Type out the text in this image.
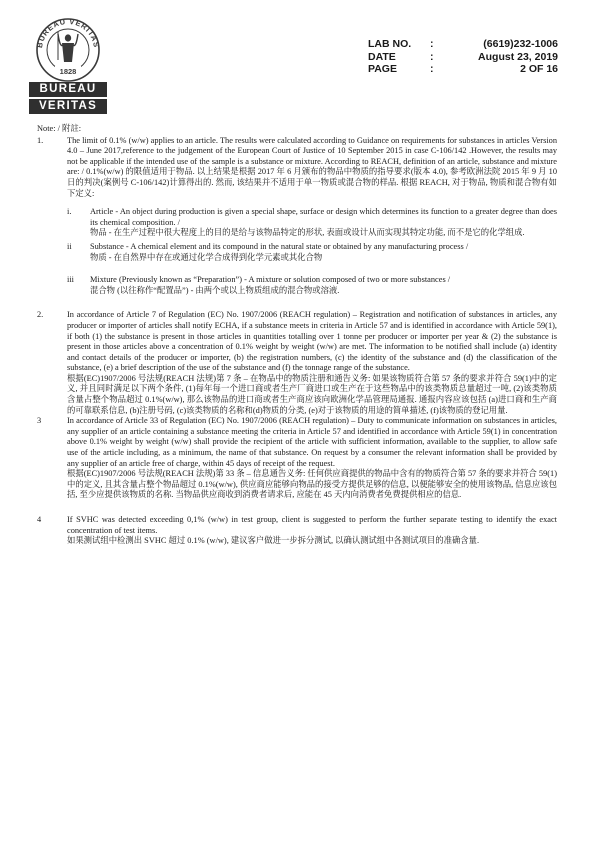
BUREAU VERITAS
1828
BUREAU
VERITAS
LAB NO.	:	(6619)232-1006
DATE	:	August 23, 2019
PAGE	:	2 OF 16
Note: / 附註:
1.	The limit of 0.1% (w/w) applies to an article. The results were calculated according to Guidance on requirements for substances in articles Version 4.0 – June 2017,reference to the judgement of the European Court of Justice of 10 September 2015 in case C-106/142 .However, the results may not be applicable if the intended use of the sample is a substance or mixture. According to REACH, definition of an article, substance and mixture are: / 0.1%(w/w) 的限值适用于物品. 以上结果是根据 2017 年 6 月颁布的物品中物质的指导要求(版本 4.0), 参考欧洲法院 2015 年 9 月 10 日的判决(案例号 C-106/142)计算得出的. 然而, 该结果并不适用于单一物质或混合物的样品. 根据 REACH, 对于物品, 物质和混合物有如下定义:

i.	Article - An object during production is given a special shape, surface or design which determines its function to a greater degree than does its chemical composition. /

物品 - 在生产过程中很大程度上的目的是给与该物品特定的形状, 表面或设计从而实现其特定功能, 而不是它的化学组成.

ii	Substance - A chemical element and its compound in the natural state or obtained by any manufacturing process /

物质 - 在自然界中存在或通过化学合成得到化学元素或其化合物

iii	Mixture (Previously known as “Preparation”) - A mixture or solution composed of two or more substances /

混合物 (以往称作“配置品”) - 由两个或以上物质组成的混合物或溶液.

2.	In accordance of Article 7 of Regulation (EC) No. 1907/2006 (REACH regulation) – Registration and notification of substances in articles, any producer or importer of articles shall notify ECHA, if a substance meets in criteria in Article 57 and is identified in accordance with Article 59(1), if both (1) the substance is present in those articles in quantities totalling over 1 tonne per producer or importer per year & (2) the substance is present in those articles above a concentration of 0.1% weight by weight (w/w) are met. The information to be notified shall include (a) identity and contact details of the producer or importer, (b) the registration numbers, (c) the identity of the substance and (d) the classification of the substance, (e) a brief description of the use of the substance and (f) the tonnage range of the substance.

根据(EC)1907/2006 号法规(REACH 法规)第 7 条 – 在物品中的物质注册和通告义务: 如果该物质符合第 57 条的要求并符合 59(1)中的定义, 并且同时满足以下两个条件, (1)每年每一个进口商或者生产厂商进口或生产在于这些物品中的该类物质总量超过一吨, (2)该类物质含量占整个物品超过 0.1%(w/w), 那么该物品的进口商或者生产商应该向欧洲化学品管理局通报. 通报内容应该包括 (a)进口商和生产商的可靠联系信息, (b)注册号码, (c)该类物质的名称和(d)物质的分类, (e)对于该物质的用途的简单描述, (f)该物质的登记用量.

3	In accordance of Article 33 of Regulation (EC) No. 1907/2006 (REACH regulation) – Duty to communicate information on substances in articles, any supplier of an article containing a substance meeting the criteria in Article 57 and identified in accordance with Article 59(1) in concentration above 0.1% weight by weight (w/w) shall provide the recipient of the article with sufficient information, available to the supplier, to allow safe use of the article including, as a minimum, the name of that substance. On request by a consumer the relevant information shall be provided by any supplier of an article free of charge, within 45 days of receipt of the request.

根据(EC)1907/2006 号法规(REACH 法规)第 33 条 – 信息通告义务: 任何供应商提供的物品中含有的物质符合第 57 条的要求并符合 59(1)中的定义, 且其含量占整个物品超过 0.1%(w/w), 供应商应能够向物品的接受方提供足够的信息, 以便能够安全的使用该物品, 信息应该包括, 至少应提供该物质的名称. 当物品供应商收到消费者请求后, 应能在 45 天内向消费者免费提供相应的信息.

4	If SVHC was detected exceeding 0,1% (w/w) in test group, client is suggested to perform the further separate testing to identify the exact concentration of test items.

如果测试组中检测出 SVHC 超过 0.1% (w/w), 建议客户做进一步拆分测试, 以确认测试组中各测试项目的准确含量.
